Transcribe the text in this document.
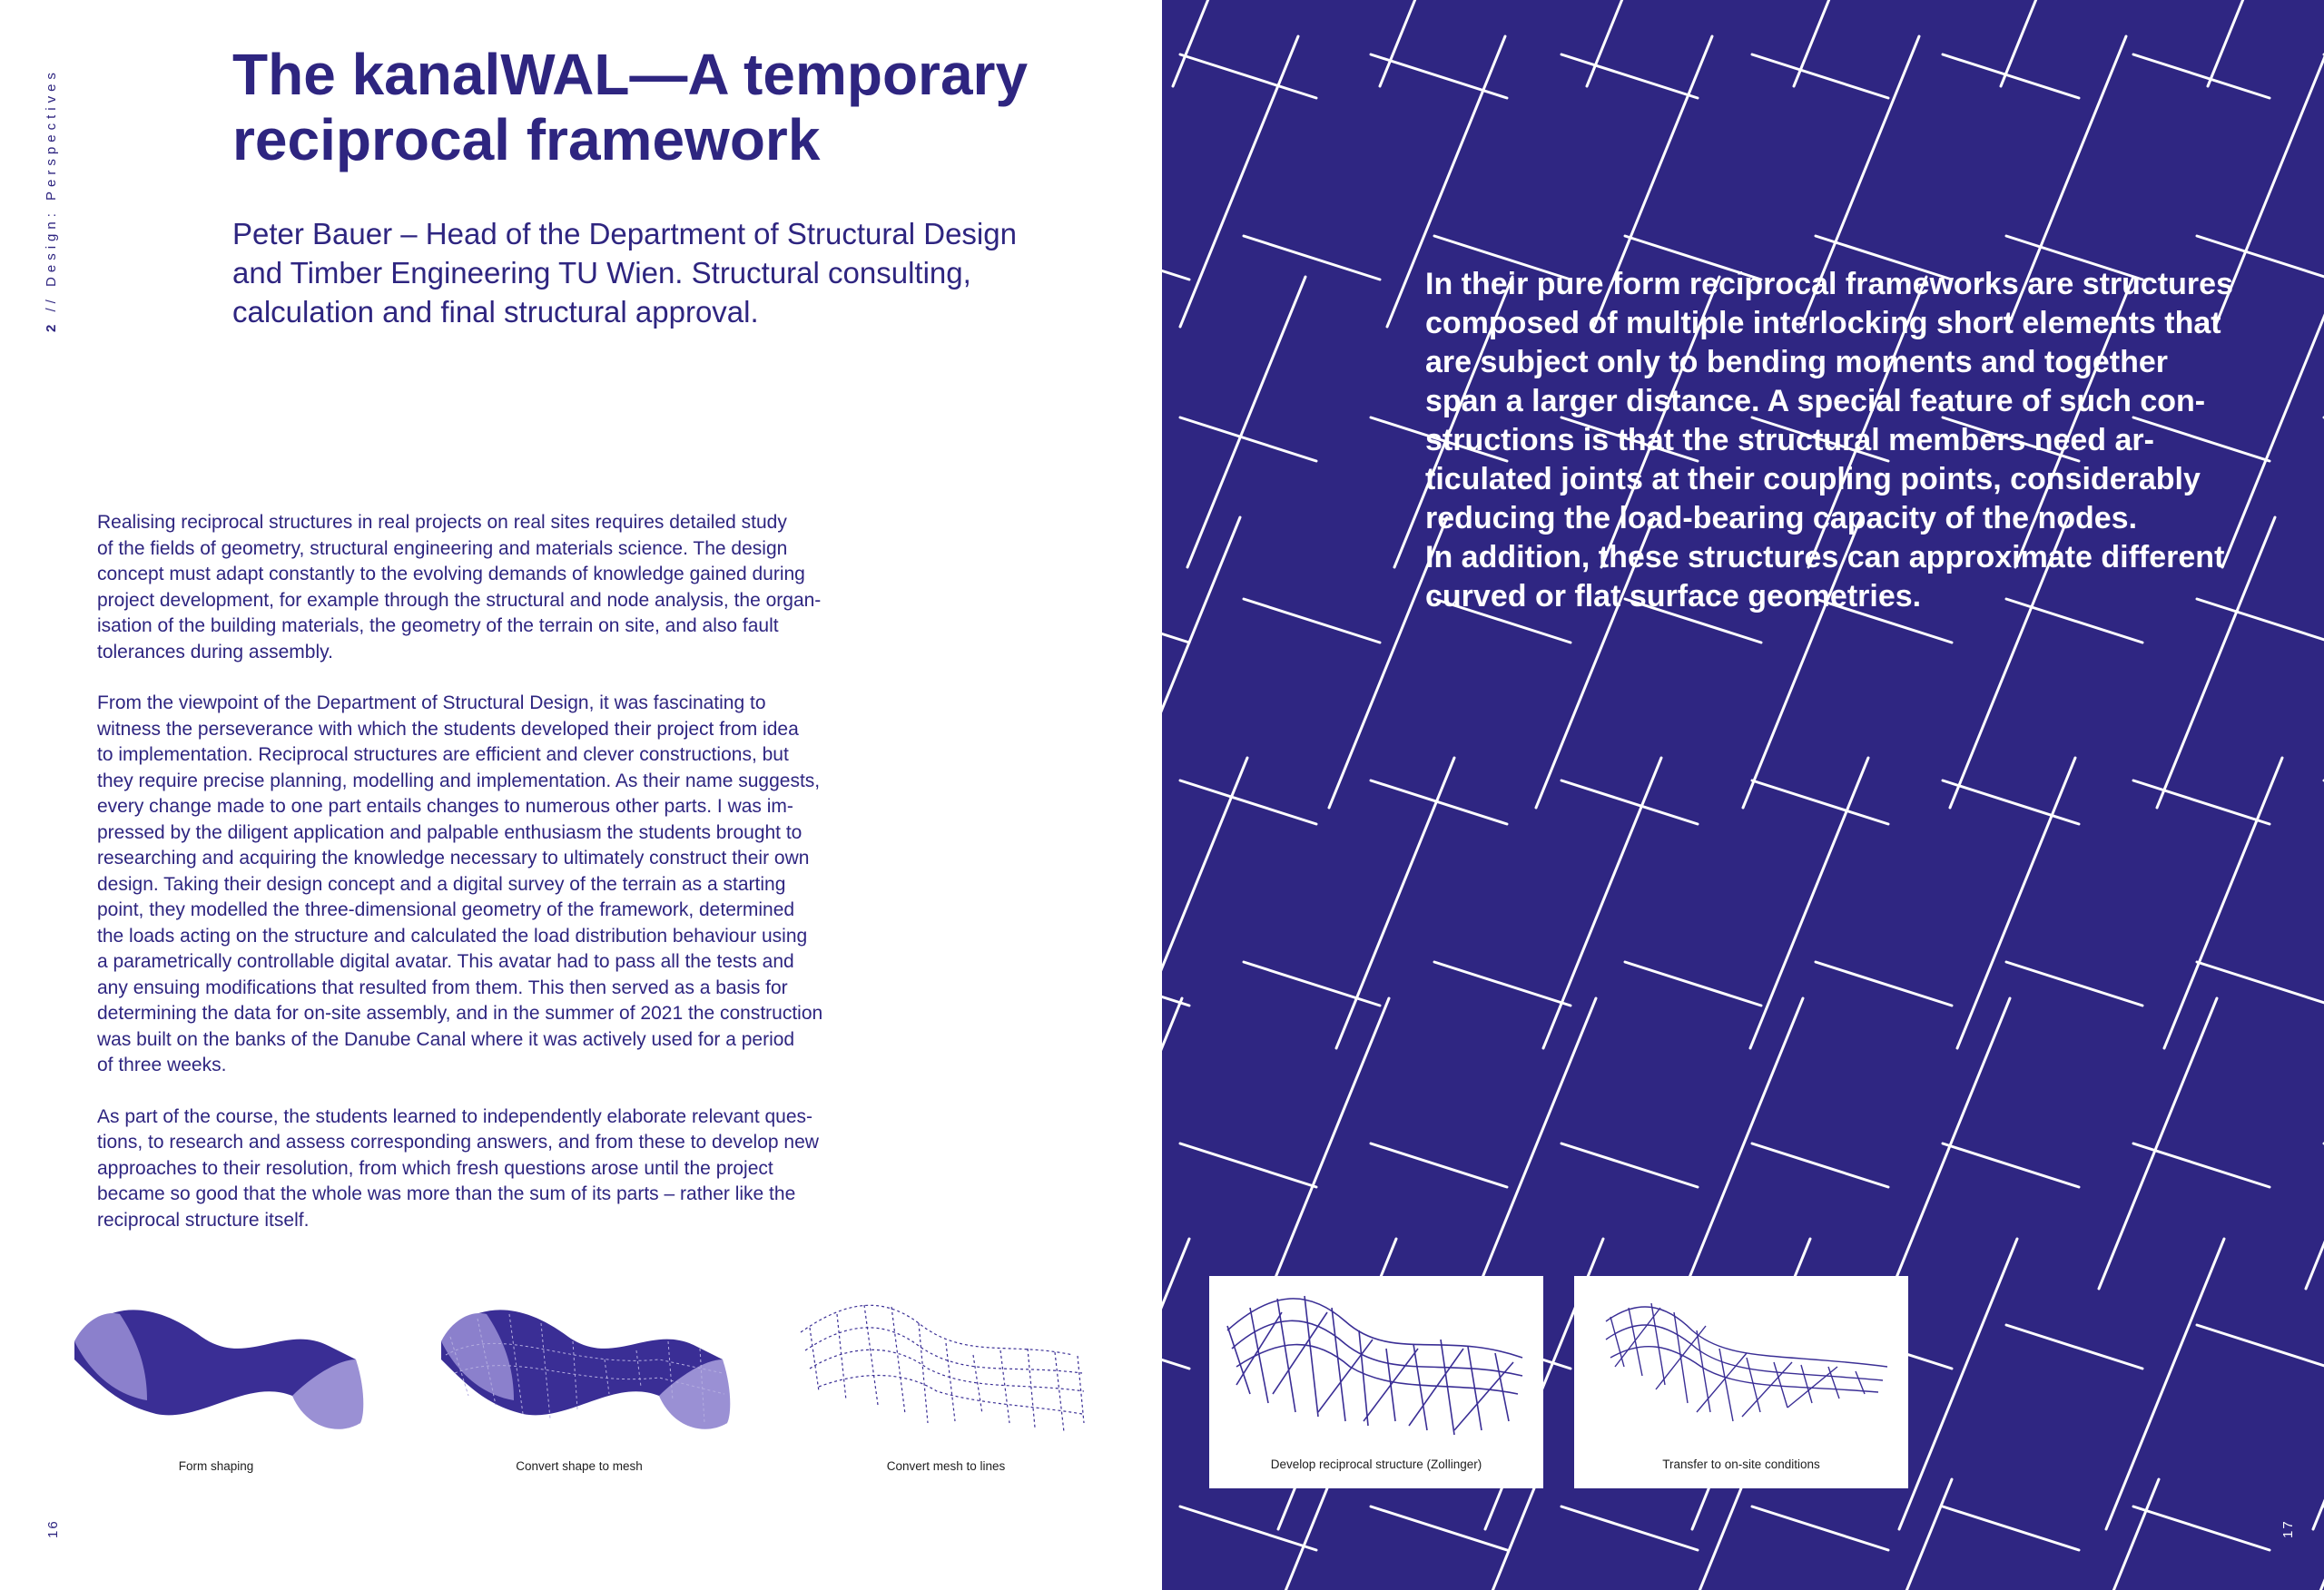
2 // Design: Perspectives	The kanalWAL—A temporary
reciprocal framework

Peter Bauer – Head of the Department of Structural Design
and Timber Engineering TU Wien. Structural consulting,
calculation and final structural approval.

Realising reciprocal structures in real projects on real sites requires detailed study
of the fields of geometry, structural engineering and materials science. The design
concept must adapt constantly to the evolving demands of knowledge gained during
project development, for example through the structural and node analysis, the organ-
isation of the building materials, the geometry of the terrain on site, and also fault
tolerances during assembly.

From the viewpoint of the Department of Structural Design, it was fascinating to
witness the perseverance with which the students developed their project from idea
to implementation. Reciprocal structures are efficient and clever constructions, but
they require precise planning, modelling and implementation. As their name suggests,
every change made to one part entails changes to numerous other parts. I was im-
pressed by the diligent application and palpable enthusiasm the students brought to
researching and acquiring the knowledge necessary to ultimately construct their own
design. Taking their design concept and a digital survey of the terrain as a starting
point, they modelled the three-dimensional geometry of the framework, determined
the loads acting on the structure and calculated the load distribution behaviour using
a parametrically controllable digital avatar. This avatar had to pass all the tests and
any ensuing modifications that resulted from them. This then served as a basis for
determining the data for on-site assembly, and in the summer of 2021 the construction
was built on the banks of the Danube Canal where it was actively used for a period
of three weeks.

As part of the course, the students learned to independently elaborate relevant ques-
tions, to research and assess corresponding answers, and from these to develop new
approaches to their resolution, from which fresh questions arose until the project
became so good that the whole was more than the sum of its parts – rather like the
reciprocal structure itself.

Form shaping	Convert shape to mesh	Convert mesh to lines
16
In their pure form reciprocal frameworks are structures
composed of multiple interlocking short elements that
are subject only to bending moments and together
span a larger distance. A special feature of such con-
structions is that the structural members need ar-
ticulated joints at their coupling points, considerably
reducing the load-bearing capacity of the nodes.
In addition, these structures can approximate different
curved or flat surface geometries.
Develop reciprocal structure (Zollinger)	Transfer to on-site conditions
17
